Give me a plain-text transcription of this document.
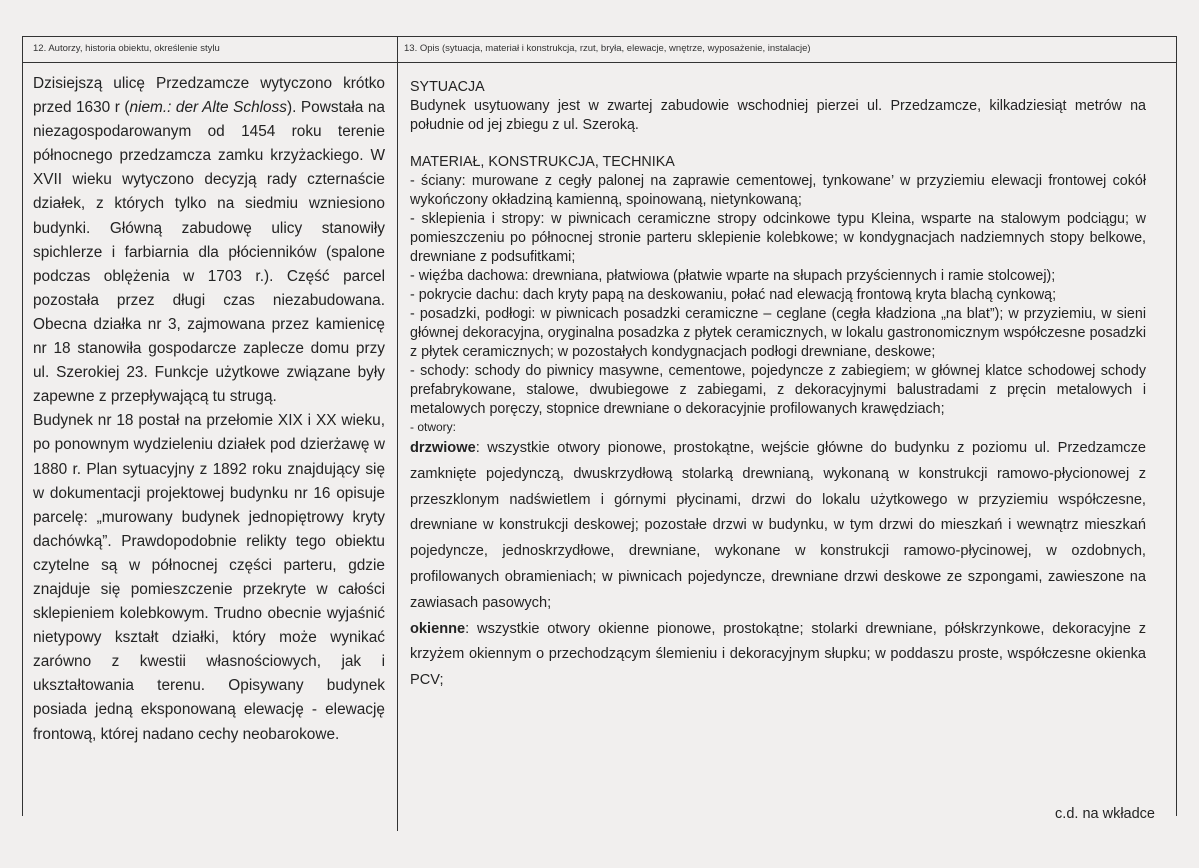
12. Autorzy, historia obiektu, określenie stylu	13. Opis (sytuacja, materiał i konstrukcja, rzut, bryła, elewacje, wnętrze, wyposażenie, instalacje)

Dzisiejszą ulicę Przedzamcze wytyczono krótko przed 1630 r (niem.: der Alte Schloss). Powstała na niezagospodarowanym od 1454 roku terenie północnego przedzamcza zamku krzyżackiego. W XVII wieku wytyczono decyzją rady czternaście działek, z których tylko na siedmiu wzniesiono budynki. Główną zabudowę ulicy stanowiły spichlerze i farbiarnia dla płócienników (spalone podczas oblężenia w 1703 r.). Część parcel pozostała przez długi czas niezabudowana. Obecna działka nr 3, zajmowana przez kamienicę nr 18 stanowiła gospodarcze zaplecze domu przy ul. Szerokiej 23. Funkcje użytkowe związane były zapewne z przepływającą tu strugą.

Budynek nr 18 postał na przełomie XIX i XX wieku, po ponownym wydzieleniu działek pod dzierżawę w 1880 r. Plan sytuacyjny z 1892 roku znajdujący się w dokumentacji projektowej budynku nr 16 opisuje parcelę: „murowany budynek jednopiętrowy kryty dachówką”. Prawdopodobnie relikty tego obiektu czytelne są w północnej części parteru, gdzie znajduje się pomieszczenie przekryte w całości sklepieniem kolebkowym. Trudno obecnie wyjaśnić nietypowy kształt działki, który może wynikać zarówno z kwestii własnościowych, jak i ukształtowania terenu. Opisywany budynek posiada jedną eksponowaną elewację - elewację frontową, której nadano cechy neobarokowe.

SYTUACJA

Budynek usytuowany jest w zwartej zabudowie wschodniej pierzei ul. Przedzamcze, kilkadziesiąt metrów na południe od jej zbiegu z ul. Szeroką.

MATERIAŁ, KONSTRUKCJA, TECHNIKA

- ściany: murowane z cegły palonej na zaprawie cementowej, tynkowane’ w przyziemiu elewacji frontowej cokół wykończony okładziną kamienną, spoinowaną, nietynkowaną;

- sklepienia i stropy: w piwnicach ceramiczne stropy odcinkowe typu Kleina, wsparte na stalowym podciągu; w pomieszczeniu po północnej stronie parteru sklepienie kolebkowe; w kondygnacjach nadziemnych stopy belkowe, drewniane z podsufitkami;

- więźba dachowa: drewniana, płatwiowa (płatwie wparte na słupach przyściennych i ramie stolcowej);

- pokrycie dachu: dach kryty papą na deskowaniu, połać nad elewacją frontową kryta blachą cynkową;

- posadzki, podłogi: w piwnicach posadzki ceramiczne – ceglane (cegła kładziona „na blat”); w przyziemiu, w sieni głównej dekoracyjna, oryginalna posadzka z płytek ceramicznych, w lokalu gastronomicznym współczesne posadzki z płytek ceramicznych; w pozostałych kondygnacjach podłogi drewniane, deskowe;

- schody: schody do piwnicy masywne, cementowe, pojedyncze z zabiegiem; w głównej klatce schodowej schody prefabrykowane, stalowe, dwubiegowe z zabiegami, z dekoracyjnymi balustradami z pręcin metalowych i metalowych poręczy, stopnice drewniane o dekoracyjnie profilowanych krawędziach;

- otwory:

drzwiowe: wszystkie otwory pionowe, prostokątne, wejście główne do budynku z poziomu ul. Przedzamcze zamknięte pojedynczą, dwuskrzydłową stolarką drewnianą, wykonaną w konstrukcji ramowo-płycionowej z przeszklonym nadświetlem i górnymi płycinami, drzwi do lokalu użytkowego w przyziemiu współczesne, drewniane w konstrukcji deskowej; pozostałe drzwi w budynku, w tym drzwi do mieszkań i wewnątrz mieszkań pojedyncze, jednoskrzydłowe, drewniane, wykonane w konstrukcji ramowo-płycinowej, w ozdobnych, profilowanych obramieniach; w piwnicach pojedyncze, drewniane drzwi deskowe ze szpongami, zawieszone na zawiasach pasowych;

okienne: wszystkie otwory okienne pionowe, prostokątne; stolarki drewniane, półskrzynkowe, dekoracyjne z krzyżem okiennym o przechodzącym ślemieniu i dekoracyjnym słupku; w poddaszu proste, współczesne okienka PCV;

c.d. na wkładce
